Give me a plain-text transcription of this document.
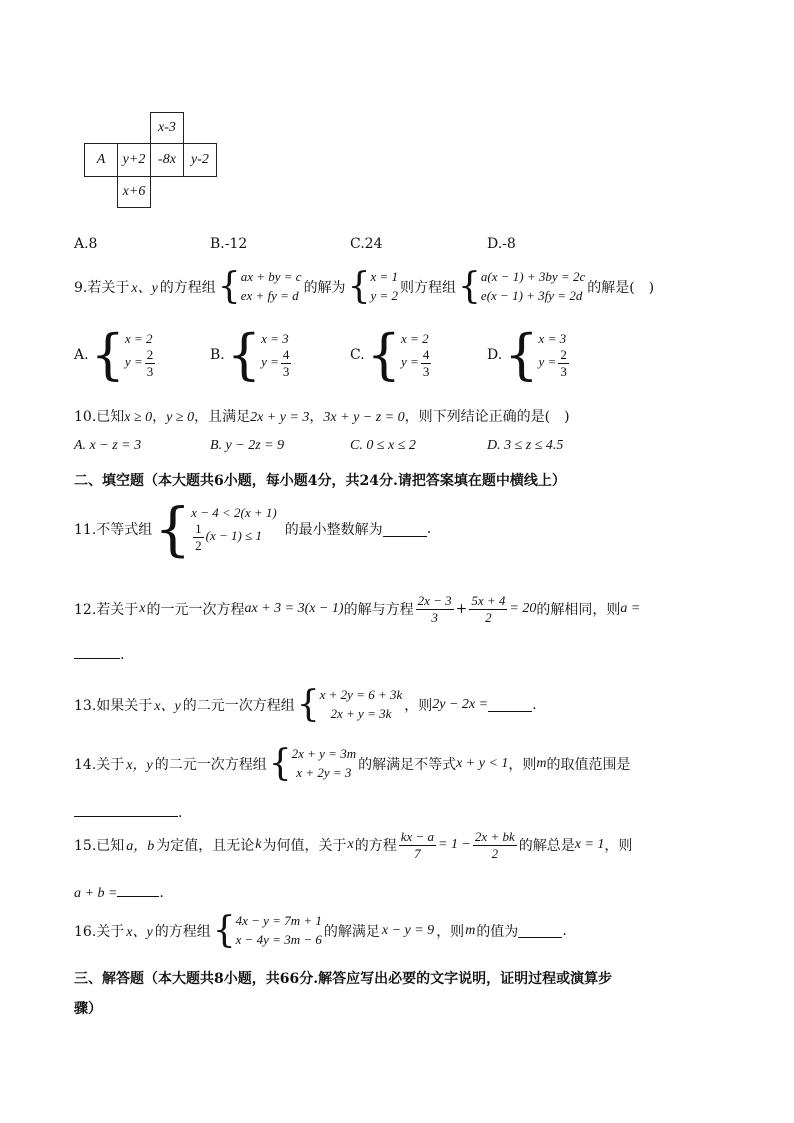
x-3
A y+2 -8x y-2
x+6
A.8	B.-12	C.24	D.-8
9.若关于 x、y 的方程组 { ax + by = c
ex + fy = d 的解为 { x = 1
y = 2 则方程组 { a(x − 1) + 3by = 2c
e(x − 1) + 3fy = 2d 的解是(　)
A. { x = 2
$y = \frac{2}{3}$	B. { x = 3
$y = \frac{4}{3}$	C. { x = 2
$y = \frac{4}{3}$	D. { x = 3
$y = \frac{2}{3}$
10.已知x ≥ 0，y ≥ 0，且满足2x + y = 3，3x + y − z = 0，则下列结论正确的是(　)
A. x − z = 3	B. y − 2z = 9	C. 0 ≤ x ≤ 2	D. 3 ≤ z ≤ 4.5
二、填空题（本大题共6小题，每小题4分，共24分.请把答案填在题中横线上）
11.不等式组 { x − 4 < 2(x + 1)
$\frac{1}{2} (x - 1) \le 1$	的最小整数解为	.
12.若关于 x 的一元一次方程 ax + 3 = 3(x − 1) 的解与方程 $\frac{2x - 3}{3} + \frac{5x + 4}{2} = 20$ 的解相同，则 a =
.
13.如果关于 x、y 的二元一次方程组 { x + 2y = 6 + 3k
2x + y = 3k ，则 2y − 2x =	.
14.关于 x，y 的二元一次方程组 { 2x + y = 3m
x + 2y = 3 的解满足不等式 x + y < 1 ，则 m 的取值范围是
.
15.已知 a，b 为定值，且无论 k 为何值，关于 x 的方程 $\frac{kx - a}{7} = 1 - \frac{2x + bk}{2}$ 的解总是 x = 1 ，则
a + b =	.
16.关于 x、y 的方程组 { 4x − y = 7m + 1
x − 4y = 3m − 6 的解满足 x − y = 9 ，则 m 的值为	.
三、解答题（本大题共8小题，共66分.解答应写出必要的文字说明，证明过程或演算步
骤）
